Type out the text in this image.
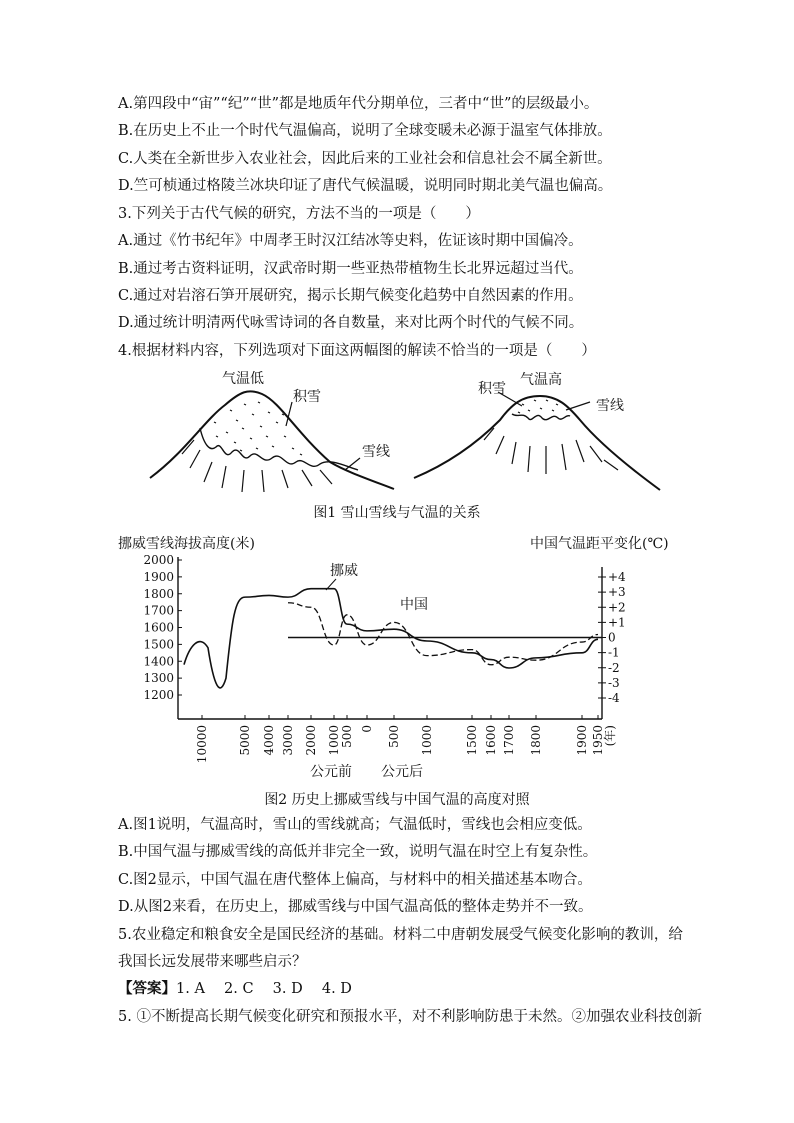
A.第四段中“宙”“纪”“世”都是地质年代分期单位，三者中“世”的层级最小。
B.在历史上不止一个时代气温偏高，说明了全球变暖未必源于温室气体排放。
C.人类在全新世步入农业社会，因此后来的工业社会和信息社会不属全新世。
D.竺可桢通过格陵兰冰块印证了唐代气候温暖，说明同时期北美气温也偏高。
3.下列关于古代气候的研究，方法不当的一项是（　　）
A.通过《竹书纪年》中周孝王时汉江结冰等史料，佐证该时期中国偏冷。
B.通过考古资料证明，汉武帝时期一些亚热带植物生长北界远超过当代。
C.通过对岩溶石笋开展研究，揭示长期气候变化趋势中自然因素的作用。
D.通过统计明清两代咏雪诗词的各自数量，来对比两个时代的气候不同。
4.根据材料内容，下列选项对下面这两幅图的解读不恰当的一项是（　　）
气温低
积雪
雪线
气温高
积雪
雪线
图1 雪山雪线与气温的关系
挪威雪线海拔高度(米)	中国气温距平变化(℃)
2000
1900
1800
1700
1600
1500
1400
1300
1200
+4
+3
+2
+1
0
-1
-2
-3
-4
10000 5000 4000 3000 2000 1000 500 0 500 1000	1500 1600 1700 1800	1900 1950
(年)
挪威
中国
公元前 公元后
图2 历史上挪威雪线与中国气温的高度对照
A.图1说明，气温高时，雪山的雪线就高；气温低时，雪线也会相应变低。
B.中国气温与挪威雪线的高低并非完全一致，说明气温在时空上有复杂性。
C.图2显示，中国气温在唐代整体上偏高，与材料中的相关描述基本吻合。
D.从图2来看，在历史上，挪威雪线与中国气温高低的整体走势并不一致。
5.农业稳定和粮食安全是国民经济的基础。材料二中唐朝发展受气候变化影响的教训，给
我国长远发展带来哪些启示？
【答案】1. A　 2. C　 3. D　 4. D
5. ①不断提高长期气候变化研究和预报水平，对不利影响防患于未然。②加强农业科技创新
